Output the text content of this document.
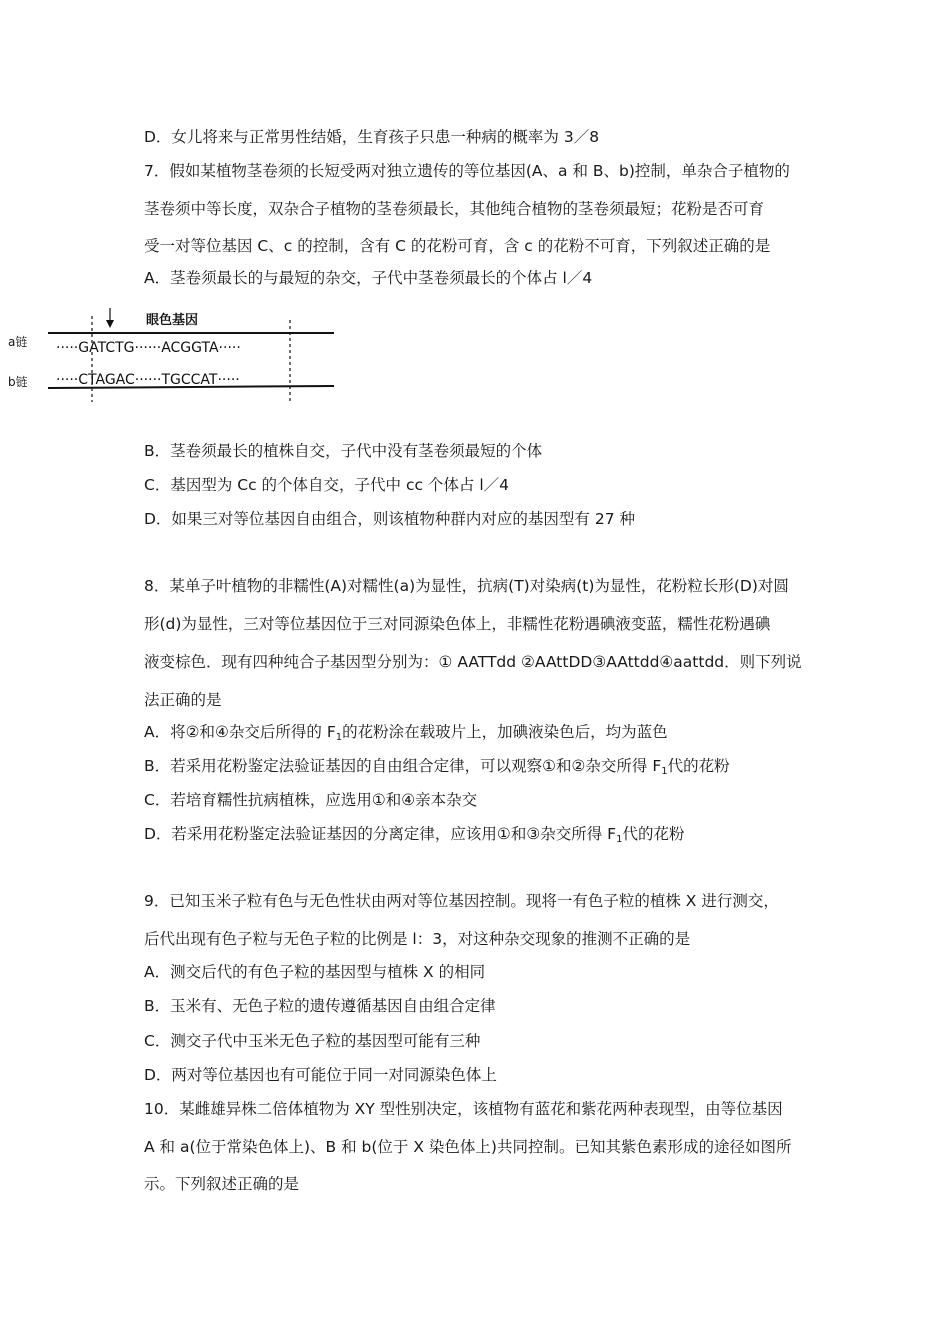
D．女儿将来与正常男性结婚，生育孩子只患一种病的概率为 3／8
7．假如某植物茎卷须的长短受两对独立遗传的等位基因(A、a 和 B、b)控制，单杂合子植物的
茎卷须中等长度，双杂合子植物的茎卷须最长，其他纯合植物的茎卷须最短；花粉是否可育
受一对等位基因 C、c 的控制，含有 C 的花粉可育，含 c 的花粉不可育，下列叙述正确的是
A．茎卷须最长的与最短的杂交，子代中茎卷须最长的个体占 l／4
眼色基因
a链
b链
·····GATCTG······ACGGTA·····
·····CTAGAC······TGCCAT·····
B．茎卷须最长的植株自交，子代中没有茎卷须最短的个体
C．基因型为 Cc 的个体自交，子代中 cc 个体占 l／4
D．如果三对等位基因自由组合，则该植物种群内对应的基因型有 27 种
8．某单子叶植物的非糯性(A)对糯性(a)为显性，抗病(T)对染病(t)为显性，花粉粒长形(D)对圆
形(d)为显性，三对等位基因位于三对同源染色体上，非糯性花粉遇碘液变蓝，糯性花粉遇碘
液变棕色．现有四种纯合子基因型分别为：① AATTdd ②AAttDD③AAttdd④aattdd．则下列说
法正确的是
A．将②和④杂交后所得的 $F_1$的花粉涂在载玻片上，加碘液染色后，均为蓝色
B．若采用花粉鉴定法验证基因的自由组合定律，可以观察①和②杂交所得 $F_1$代的花粉
C．若培育糯性抗病植株，应选用①和④亲本杂交
D．若采用花粉鉴定法验证基因的分离定律，应该用①和③杂交所得 $F_1$代的花粉
9．已知玉米子粒有色与无色性状由两对等位基因控制。现将一有色子粒的植株 X 进行测交，
后代出现有色子粒与无色子粒的比例是 l：3，对这种杂交现象的推测不正确的是
A．测交后代的有色子粒的基因型与植株 X 的相同
B．玉米有、无色子粒的遗传遵循基因自由组合定律
C．测交子代中玉米无色子粒的基因型可能有三种
D．两对等位基因也有可能位于同一对同源染色体上
10．某雌雄异株二倍体植物为 XY 型性别决定，该植物有蓝花和紫花两种表现型，由等位基因
A 和 a(位于常染色体上)、B 和 b(位于 X 染色体上)共同控制。已知其紫色素形成的途径如图所
示。下列叙述正确的是
